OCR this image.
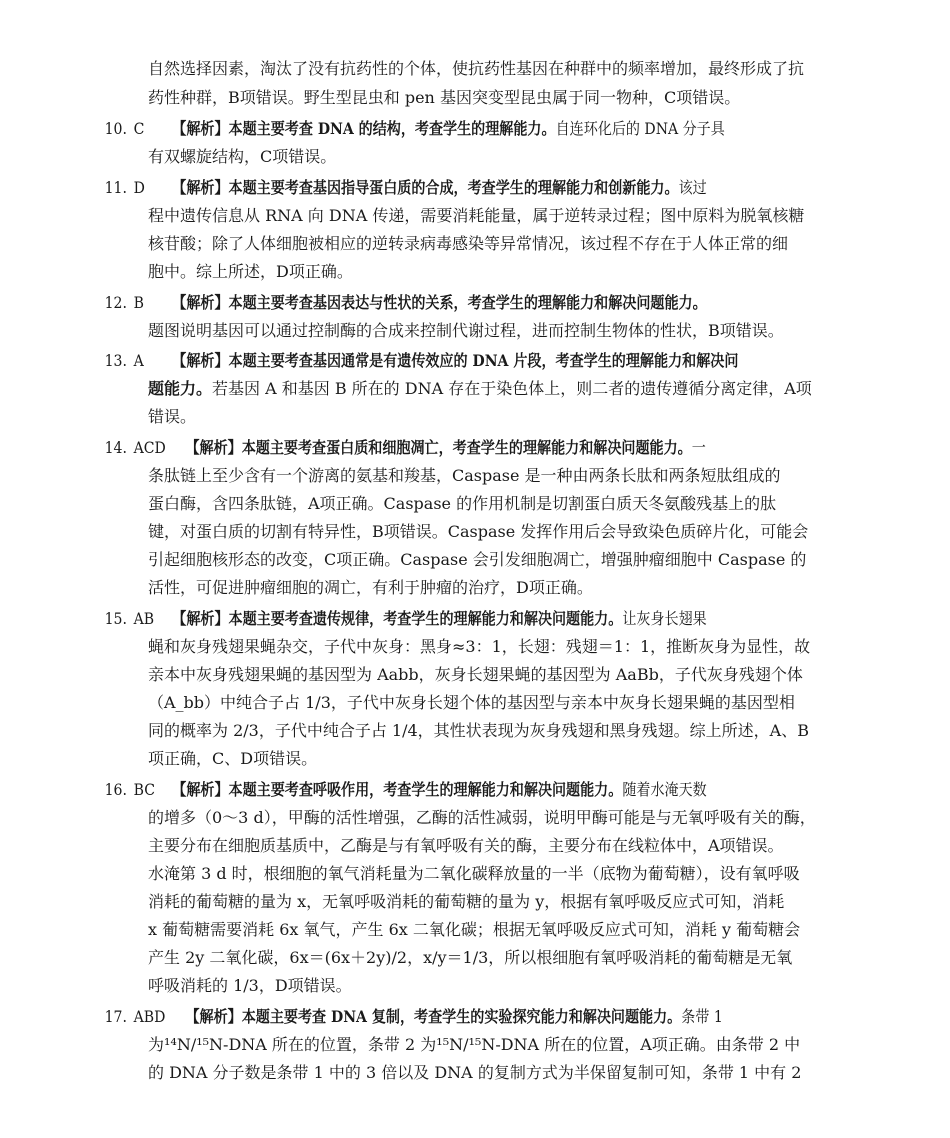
自然选择因素，淘汰了没有抗药性的个体，使抗药性基因在种群中的频率增加，最终形成了抗
药性种群，B项错误。野生型昆虫和 pen 基因突变型昆虫属于同一物种，C项错误。
10. C 【解析】本题主要考查 DNA 的结构，考查学生的理解能力。自连环化后的 DNA 分子具
有双螺旋结构，C项错误。
11. D 【解析】本题主要考查基因指导蛋白质的合成，考查学生的理解能力和创新能力。该过
程中遗传信息从 RNA 向 DNA 传递，需要消耗能量，属于逆转录过程；图中原料为脱氧核糖
核苷酸；除了人体细胞被相应的逆转录病毒感染等异常情况，该过程不存在于人体正常的细
胞中。综上所述，D项正确。
12. B 【解析】本题主要考查基因表达与性状的关系，考查学生的理解能力和解决问题能力。
题图说明基因可以通过控制酶的合成来控制代谢过程，进而控制生物体的性状，B项错误。
13. A 【解析】本题主要考查基因通常是有遗传效应的 DNA 片段，考查学生的理解能力和解决问
题能力。若基因 A 和基因 B 所在的 DNA 存在于染色体上，则二者的遗传遵循分离定律，A项
错误。
14. ACD 【解析】本题主要考查蛋白质和细胞凋亡，考查学生的理解能力和解决问题能力。一
条肽链上至少含有一个游离的氨基和羧基，Caspase 是一种由两条长肽和两条短肽组成的
蛋白酶，含四条肽链，A项正确。Caspase 的作用机制是切割蛋白质天冬氨酸残基上的肽
键，对蛋白质的切割有特异性，B项错误。Caspase 发挥作用后会导致染色质碎片化，可能会
引起细胞核形态的改变，C项正确。Caspase 会引发细胞凋亡，增强肿瘤细胞中 Caspase 的
活性，可促进肿瘤细胞的凋亡，有利于肿瘤的治疗，D项正确。
15. AB 【解析】本题主要考查遗传规律，考查学生的理解能力和解决问题能力。让灰身长翅果
蝇和灰身残翅果蝇杂交，子代中灰身：黑身≈3：1，长翅：残翅＝1：1，推断灰身为显性，故
亲本中灰身残翅果蝇的基因型为 Aabb，灰身长翅果蝇的基因型为 AaBb，子代灰身残翅个体
（A_bb）中纯合子占 1/3，子代中灰身长翅个体的基因型与亲本中灰身长翅果蝇的基因型相
同的概率为 2/3，子代中纯合子占 1/4，其性状表现为灰身残翅和黑身残翅。综上所述，A、B
项正确，C、D项错误。
16. BC 【解析】本题主要考查呼吸作用，考查学生的理解能力和解决问题能力。随着水淹天数
的增多（0～3 d），甲酶的活性增强，乙酶的活性减弱，说明甲酶可能是与无氧呼吸有关的酶，
主要分布在细胞质基质中，乙酶是与有氧呼吸有关的酶，主要分布在线粒体中，A项错误。
水淹第 3 d 时，根细胞的氧气消耗量为二氧化碳释放量的一半（底物为葡萄糖），设有氧呼吸
消耗的葡萄糖的量为 x，无氧呼吸消耗的葡萄糖的量为 y，根据有氧呼吸反应式可知，消耗
x 葡萄糖需要消耗 6x 氧气，产生 6x 二氧化碳；根据无氧呼吸反应式可知，消耗 y 葡萄糖会
产生 2y 二氧化碳，6x＝(6x＋2y)/2，x/y＝1/3，所以根细胞有氧呼吸消耗的葡萄糖是无氧
呼吸消耗的 1/3，D项错误。
17. ABD 【解析】本题主要考查 DNA 复制，考查学生的实验探究能力和解决问题能力。条带 1
为¹⁴N/¹⁵N-DNA 所在的位置，条带 2 为¹⁵N/¹⁵N-DNA 所在的位置，A项正确。由条带 2 中
的 DNA 分子数是条带 1 中的 3 倍以及 DNA 的复制方式为半保留复制可知，条带 1 中有 2
